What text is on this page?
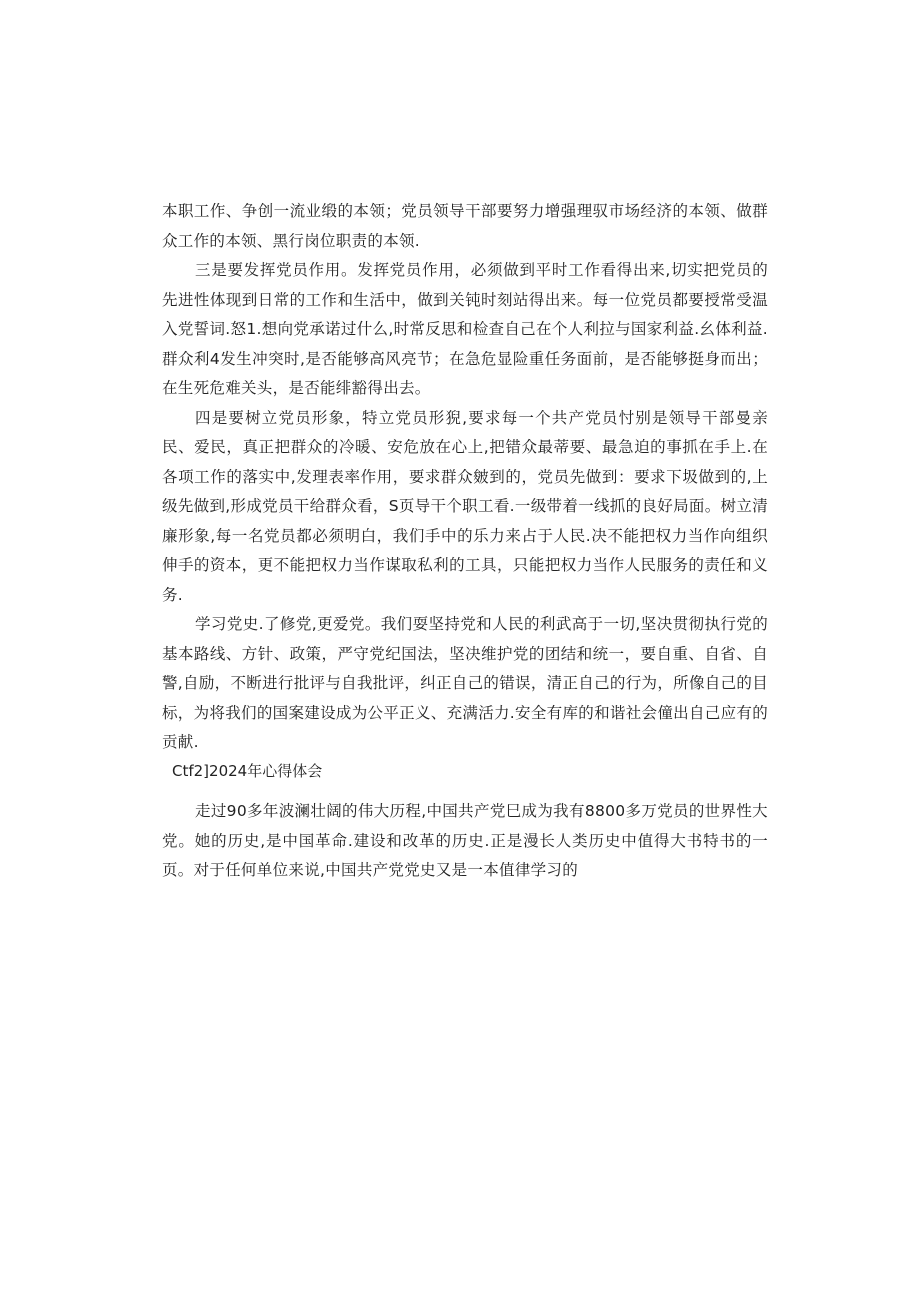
本职工作、争创一流业缎的本领；党员领导干部要努力增强理驭市场经济的本领、做群众工作的本领、黑行岗位职责的本领.

三是要发挥党员作用。发挥党员作用，必须做到平时工作看得出来,切实把党员的先进性体现到日常的工作和生活中，做到关钝时刻站得出来。每一位党员都要授常受温入党誓词.怒1.想向党承诺过什么,时常反思和检查自己在个人利拉与国家利益.幺体利益.群众利4发生冲突时,是否能够高风亮节；在急危显险重任务面前，是否能够挺身而出；在生死危难关头，是否能绯豁得出去。

四是要树立党员形象，特立党员形猊,要求每一个共产党员忖别是领导干部曼亲民、爱民，真正把群众的冷暖、安危放在心上,把错众最蒂要、最急迫的事抓在手上.在各项工作的落实中,发理表率作用，要求群众皴到的，党员先做到：要求下圾做到的,上级先做到,形成党员干给群众看，S页导干个职工看.一级带着一线抓的良好局面。树立清廉形象,每一名党员都必须明白，我们手中的乐力来占于人民.决不能把权力当作向组织伸手的资本，更不能把权力当作谋取私利的工具，只能把权力当作人民服务的责任和义务.

学习党史.了修党,更爱党。我们耍坚持党和人民的利武高于一切,坚决贯彻执行党的基本路线、方针、政策，严守党纪国法，坚决维护党的团结和统一，要自重、自省、自警,自励，不断进行批评与自我批评，纠正自己的错误，清正自己的行为，所像自己的目标，为将我们的国案建设成为公平正义、充满活力.安全有库的和谐社会僮出自己应有的贡献.

Ctf2]2024年心得体会

走过90多年波澜壮阔的伟大历程,中国共产党巳成为我有8800多万党员的世界性大党。她的历史,是中国革命.建设和改革的历史.正是漫长人类历史中值得大书特书的一页。对于任何单位来说,中国共产党党史又是一本值律学习的
